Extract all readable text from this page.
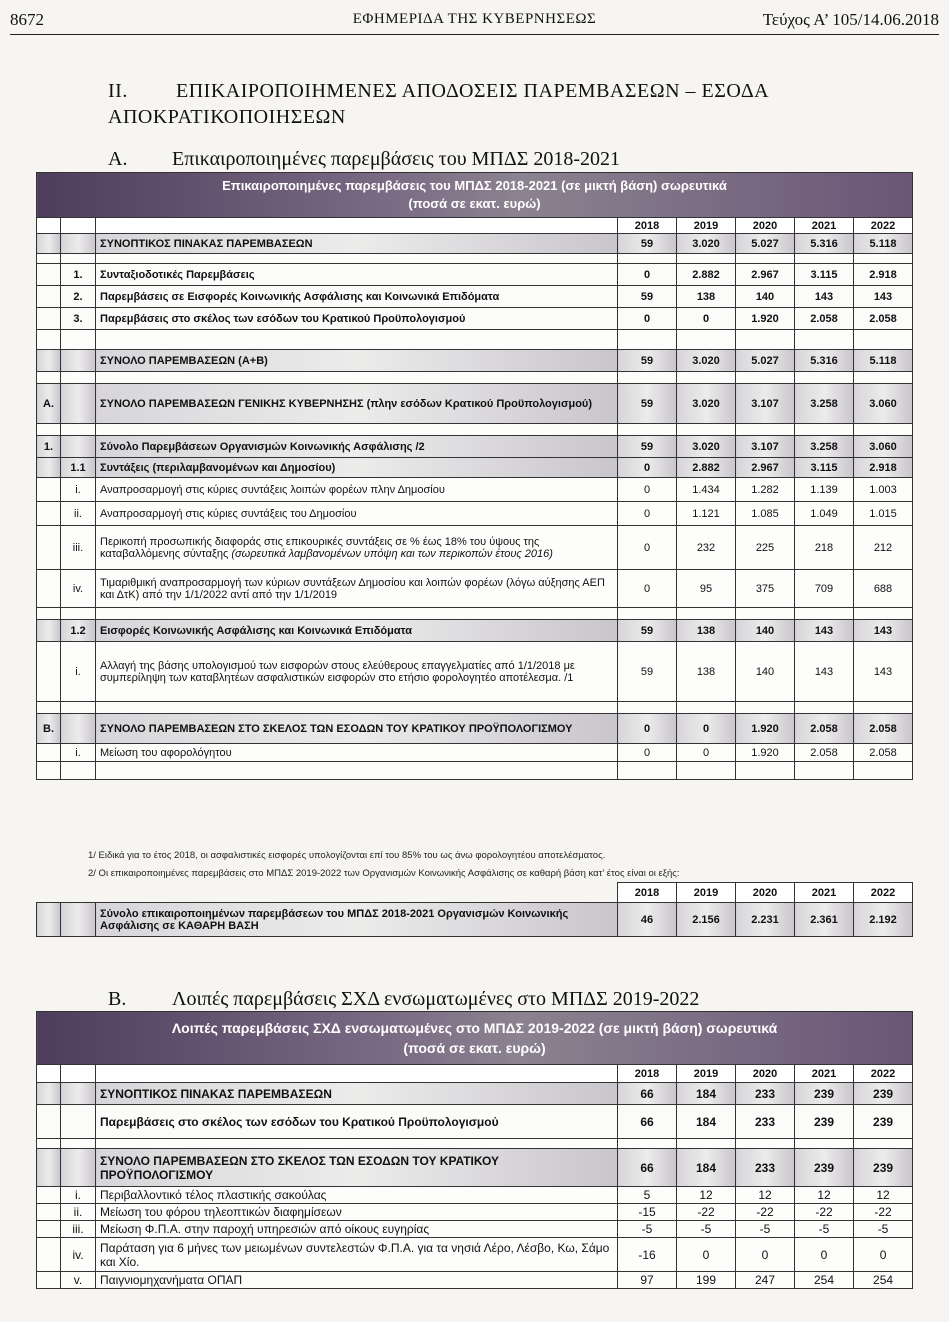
8672	ΕΦΗΜΕΡΙΔΑ ΤΗΣ ΚΥΒΕΡΝΗΣΕΩΣ	Τεύχος Α’ 105/14.06.2018
II. ΕΠΙΚΑΙΡΟΠΟΙΗΜΕΝΕΣ ΑΠΟΔΟΣΕΙΣ ΠΑΡΕΜΒΑΣΕΩΝ – ΕΣΟΔΑ ΑΠΟΚΡΑΤΙΚΟΠΟΙΗΣΕΩΝ
Α. Επικαιροποιημένες παρεμβάσεις του ΜΠΔΣ 2018-2021
Επικαιροποιημένες παρεμβάσεις του ΜΠΔΣ 2018-2021 (σε μικτή βάση) σωρευτικά
(ποσά σε εκατ. ευρώ)							

			2018	2019	2020	2021	2022
		ΣΥΝΟΠΤΙΚΟΣ ΠΙΝΑΚΑΣ ΠΑΡΕΜΒΑΣΕΩΝ	59	3.020	5.027	5.316	5.118

	1.	Συνταξιοδοτικές Παρεμβάσεις	0	2.882	2.967	3.115	2.918
	2.	Παρεμβάσεις σε Εισφορές Κοινωνικής Ασφάλισης και Κοινωνικά Επιδόματα	59	138	140	143	143
	3.	Παρεμβάσεις στο σκέλος των εσόδων του Κρατικού Προϋπολογισμού	0	0	1.920	2.058	2.058

		ΣΥΝΟΛΟ ΠΑΡΕΜΒΑΣΕΩΝ (Α+Β)	59	3.020	5.027	5.316	5.118

Α.		ΣΥΝΟΛΟ ΠΑΡΕΜΒΑΣΕΩΝ ΓΕΝΙΚΗΣ ΚΥΒΕΡΝΗΣΗΣ (πλην εσόδων Κρατικού Προϋπολογισμού)	59	3.020	3.107	3.258	3.060

1.		Σύνολο Παρεμβάσεων Οργανισμών Κοινωνικής Ασφάλισης /2	59	3.020	3.107	3.258	3.060
	1.1	Συντάξεις (περιλαμβανομένων και Δημοσίου)	0	2.882	2.967	3.115	2.918
	i.	Αναπροσαρμογή στις κύριες συντάξεις λοιπών φορέων πλην Δημοσίου	0	1.434	1.282	1.139	1.003
	ii.	Αναπροσαρμογή στις κύριες συντάξεις του Δημοσίου	0	1.121	1.085	1.049	1.015
	iii.	Περικοπή προσωπικής διαφοράς στις επικουρικές συντάξεις σε % έως 18% του ύψους της καταβαλλόμενης σύνταξης (σωρευτικά λαμβανομένων υπόψη και των περικοπών έτους 2016)	0	232	225	218	212
	iv.	Τιμαριθμική αναπροσαρμογή των κύριων συντάξεων Δημοσίου και λοιπών φορέων (λόγω αύξησης ΑΕΠ και ΔτΚ) από την 1/1/2022 αντί από την 1/1/2019	0	95	375	709	688

	1.2	Εισφορές Κοινωνικής Ασφάλισης και Κοινωνικά Επιδόματα	59	138	140	143	143
	i.	Αλλαγή της βάσης υπολογισμού των εισφορών στους ελεύθερους επαγγελματίες από 1/1/2018 με συμπερίληψη των καταβλητέων ασφαλιστικών εισφορών στο ετήσιο φορολογητέο αποτέλεσμα. /1	59	138	140	143	143

Β.		ΣΥΝΟΛΟ ΠΑΡΕΜΒΑΣΕΩΝ ΣΤΟ ΣΚΕΛΟΣ ΤΩΝ ΕΣΟΔΩΝ ΤΟΥ ΚΡΑΤΙΚΟΥ ΠΡΟΫΠΟΛΟΓΙΣΜΟΥ	0	0	1.920	2.058	2.058
	i.	Μείωση του αφορολόγητου	0	0	1.920	2.058	2.058

1/ Ειδικά για το έτος 2018, οι ασφαλιστικές εισφορές υπολογίζονται επί του 85% του ως άνω φορολογητέου αποτελέσματος.
2/ Οι επικαιροποιημένες παρεμβάσεις στο ΜΠΔΣ 2019-2022 των Οργανισμών Κοινωνικής Ασφάλισης σε καθαρή βάση κατ’ έτος είναι οι εξής:
			2018	2019	2020	2021	2022
		Σύνολο επικαιροποιημένων παρεμβάσεων του ΜΠΔΣ 2018-2021 Οργανισμών Κοινωνικής Ασφάλισης σε ΚΑΘΑΡΗ ΒΑΣΗ	46	2.156	2.231	2.361	2.192
Β. Λοιπές παρεμβάσεις ΣΧΔ ενσωματωμένες στο ΜΠΔΣ 2019-2022
Λοιπές παρεμβάσεις ΣΧΔ ενσωματωμένες στο ΜΠΔΣ 2019-2022 (σε μικτή βάση) σωρευτικά
(ποσά σε εκατ. ευρώ)							

			2018	2019	2020	2021	2022
		ΣΥΝΟΠΤΙΚΟΣ ΠΙΝΑΚΑΣ ΠΑΡΕΜΒΑΣΕΩΝ	66	184	233	239	239
		Παρεμβάσεις στο σκέλος των εσόδων του Κρατικού Προϋπολογισμού	66	184	233	239	239

		ΣΥΝΟΛΟ ΠΑΡΕΜΒΑΣΕΩΝ ΣΤΟ ΣΚΕΛΟΣ ΤΩΝ ΕΣΟΔΩΝ ΤΟΥ ΚΡΑΤΙΚΟΥ ΠΡΟΫΠΟΛΟΓΙΣΜΟΥ	66	184	233	239	239
	i.	Περιβαλλοντικό τέλος πλαστικής σακούλας	5	12	12	12	12
	ii.	Μείωση του φόρου τηλεοπτικών διαφημίσεων	-15	-22	-22	-22	-22
	iii.	Μείωση Φ.Π.Α. στην παροχή υπηρεσιών από οίκους ευγηρίας	-5	-5	-5	-5	-5
	iv.	Παράταση για 6 μήνες των μειωμένων συντελεστών Φ.Π.Α. για τα νησιά Λέρο, Λέσβο, Κω, Σάμο και Χίο.	-16	0	0	0	0
	v.	Παιγνιομηχανήματα ΟΠΑΠ	97	199	247	254	254
